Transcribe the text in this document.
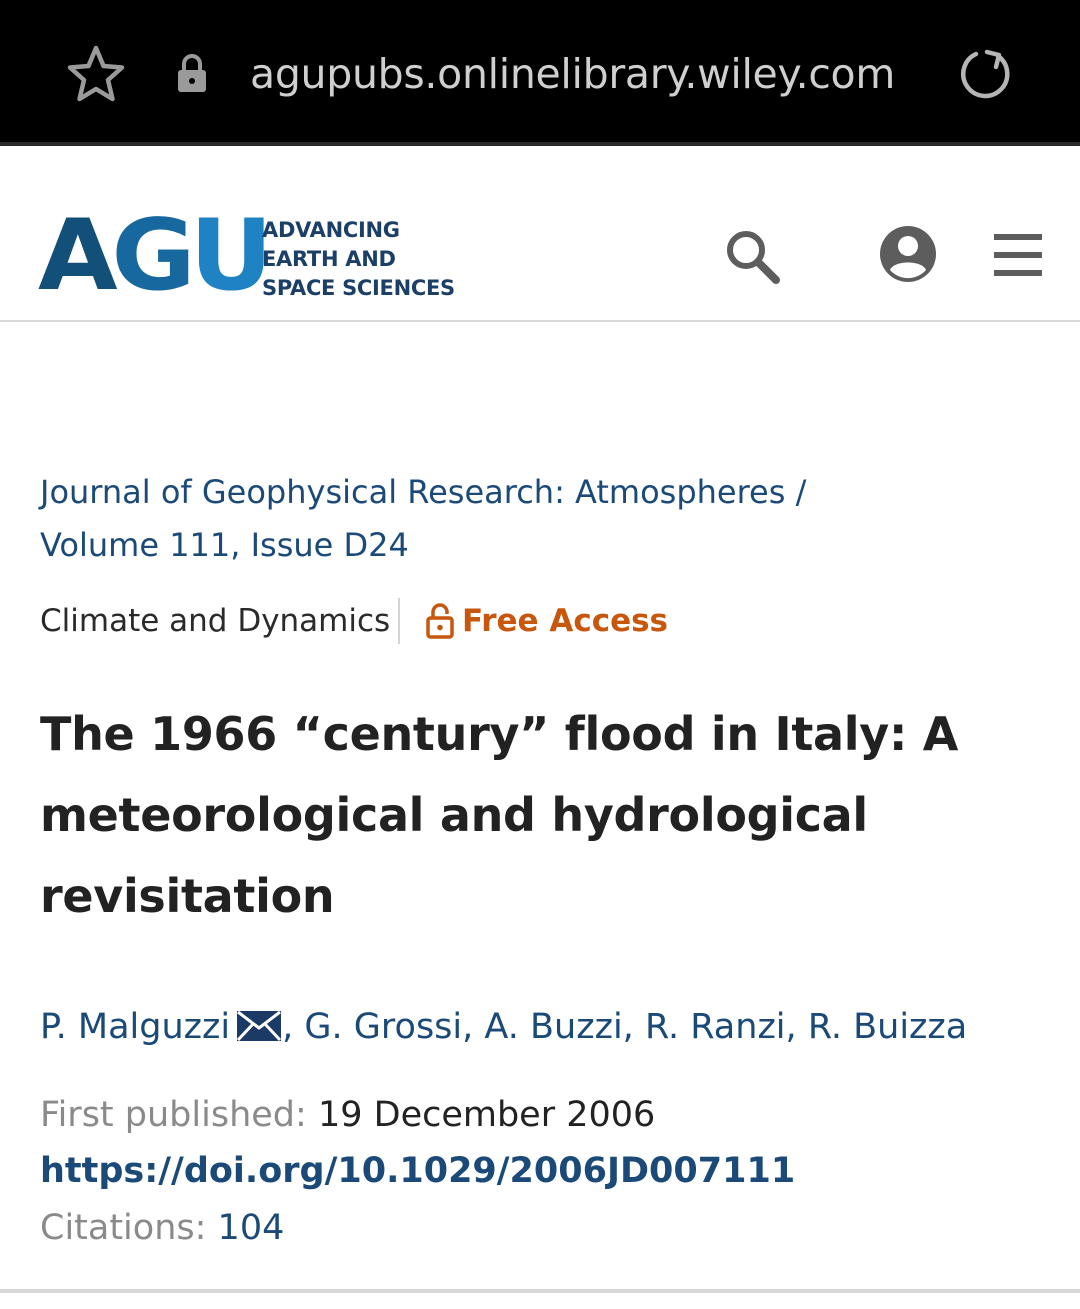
agupubs.onlinelibrary.wiley.com
AGU
ADVANCING
EARTH AND
SPACE SCIENCES
Journal of Geophysical Research: Atmospheres /
Volume 111, Issue D24
Climate and Dynamics Free Access
The 1966 “century” flood in Italy: A
meteorological and hydrological
revisitation
P. Malguzzi , G. Grossi, A. Buzzi, R. Ranzi, R. Buizza
First published: 19 December 2006
https://doi.org/10.1029/2006JD007111
Citations: 104
